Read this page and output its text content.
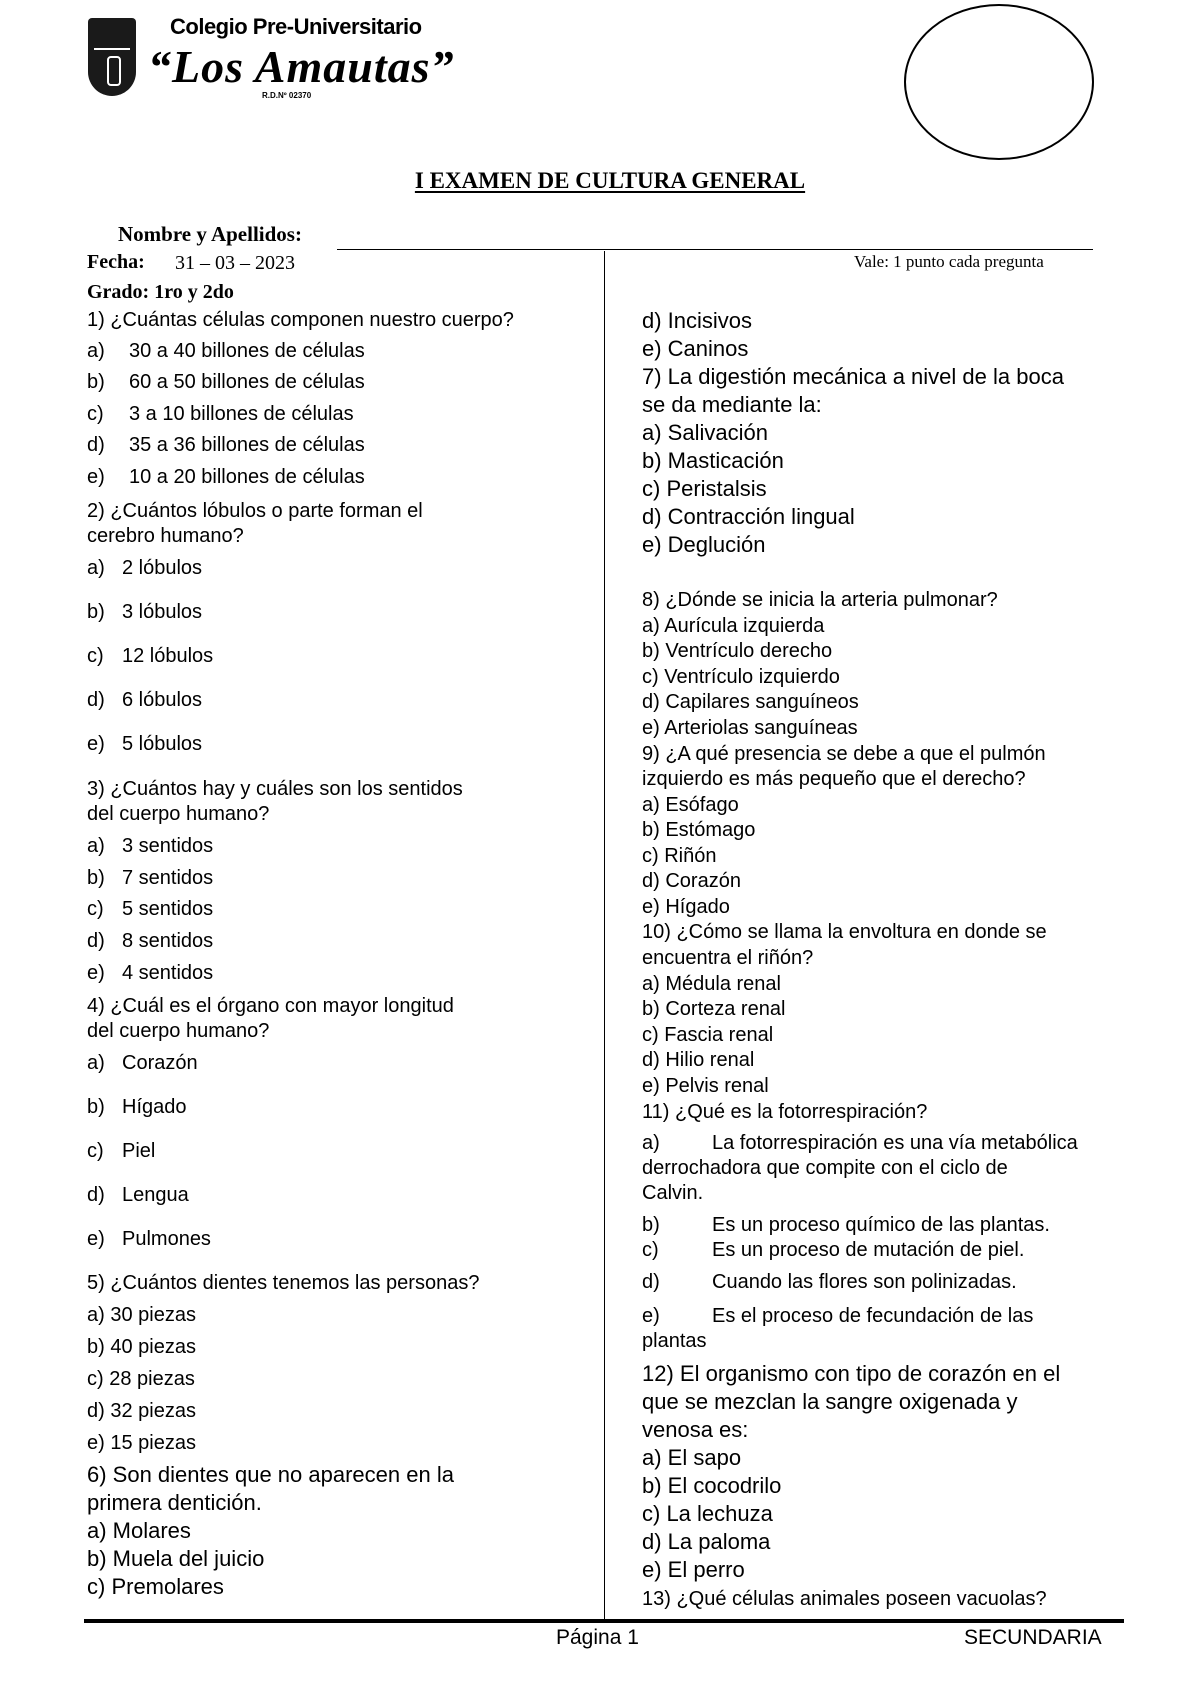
Colegio Pre-Universitario
“Los Amautas”
R.D.Nº 02370
I EXAMEN DE CULTURA GENERAL
Nombre y Apellidos:
Fecha: 31 – 03 – 2023	Vale: 1 punto cada pregunta
Grado: 1ro y 2do
1) ¿Cuántas células componen nuestro cuerpo?
a) 30 a 40 billones de células
b) 60 a 50 billones de células
c) 3 a 10 billones de células
d) 35 a 36 billones de células
e) 10 a 20 billones de células
2) ¿Cuántos lóbulos o parte forman el
cerebro humano?
a) 2 lóbulos
b) 3 lóbulos
c) 12 lóbulos
d) 6 lóbulos
e) 5 lóbulos
3) ¿Cuántos hay y cuáles son los sentidos
del cuerpo humano?
a) 3 sentidos
b) 7 sentidos
c) 5 sentidos
d) 8 sentidos
e) 4 sentidos
4) ¿Cuál es el órgano con mayor longitud
del cuerpo humano?
a) Corazón
b) Hígado
c) Piel
d) Lengua
e) Pulmones
5) ¿Cuántos dientes tenemos las personas?
a) 30 piezas
b) 40 piezas
c) 28 piezas
d) 32 piezas
e) 15 piezas
6) Son dientes que no aparecen en la
primera dentición.
a) Molares
b) Muela del juicio
c) Premolares
d) Incisivos
e) Caninos
7) La digestión mecánica a nivel de la boca
se da mediante la:
a) Salivación
b) Masticación
c) Peristalsis
d) Contracción lingual
e) Deglución
8) ¿Dónde se inicia la arteria pulmonar?
a) Aurícula izquierda
b) Ventrículo derecho
c) Ventrículo izquierdo
d) Capilares sanguíneos
e) Arteriolas sanguíneas
9) ¿A qué presencia se debe a que el pulmón
izquierdo es más pequeño que el derecho?
a) Esófago
b) Estómago
c) Riñón
d) Corazón
e) Hígado
10) ¿Cómo se llama la envoltura en donde se
encuentra el riñón?
a) Médula renal
b) Corteza renal
c) Fascia renal
d) Hilio renal
e) Pelvis renal
11) ¿Qué es la fotorrespiración?
a)	La fotorrespiración es una vía metabólica
derrochadora que compite con el ciclo de
Calvin.
b)	Es un proceso químico de las plantas.
c)	Es un proceso de mutación de piel.
d)	Cuando las flores son polinizadas.
e)	Es el proceso de fecundación de las
plantas
12) El organismo con tipo de corazón en el
que se mezclan la sangre oxigenada y
venosa es:
a) El sapo
b) El cocodrilo
c) La lechuza
d) La paloma
e) El perro
13) ¿Qué células animales poseen vacuolas?
Página 1	SECUNDARIA
